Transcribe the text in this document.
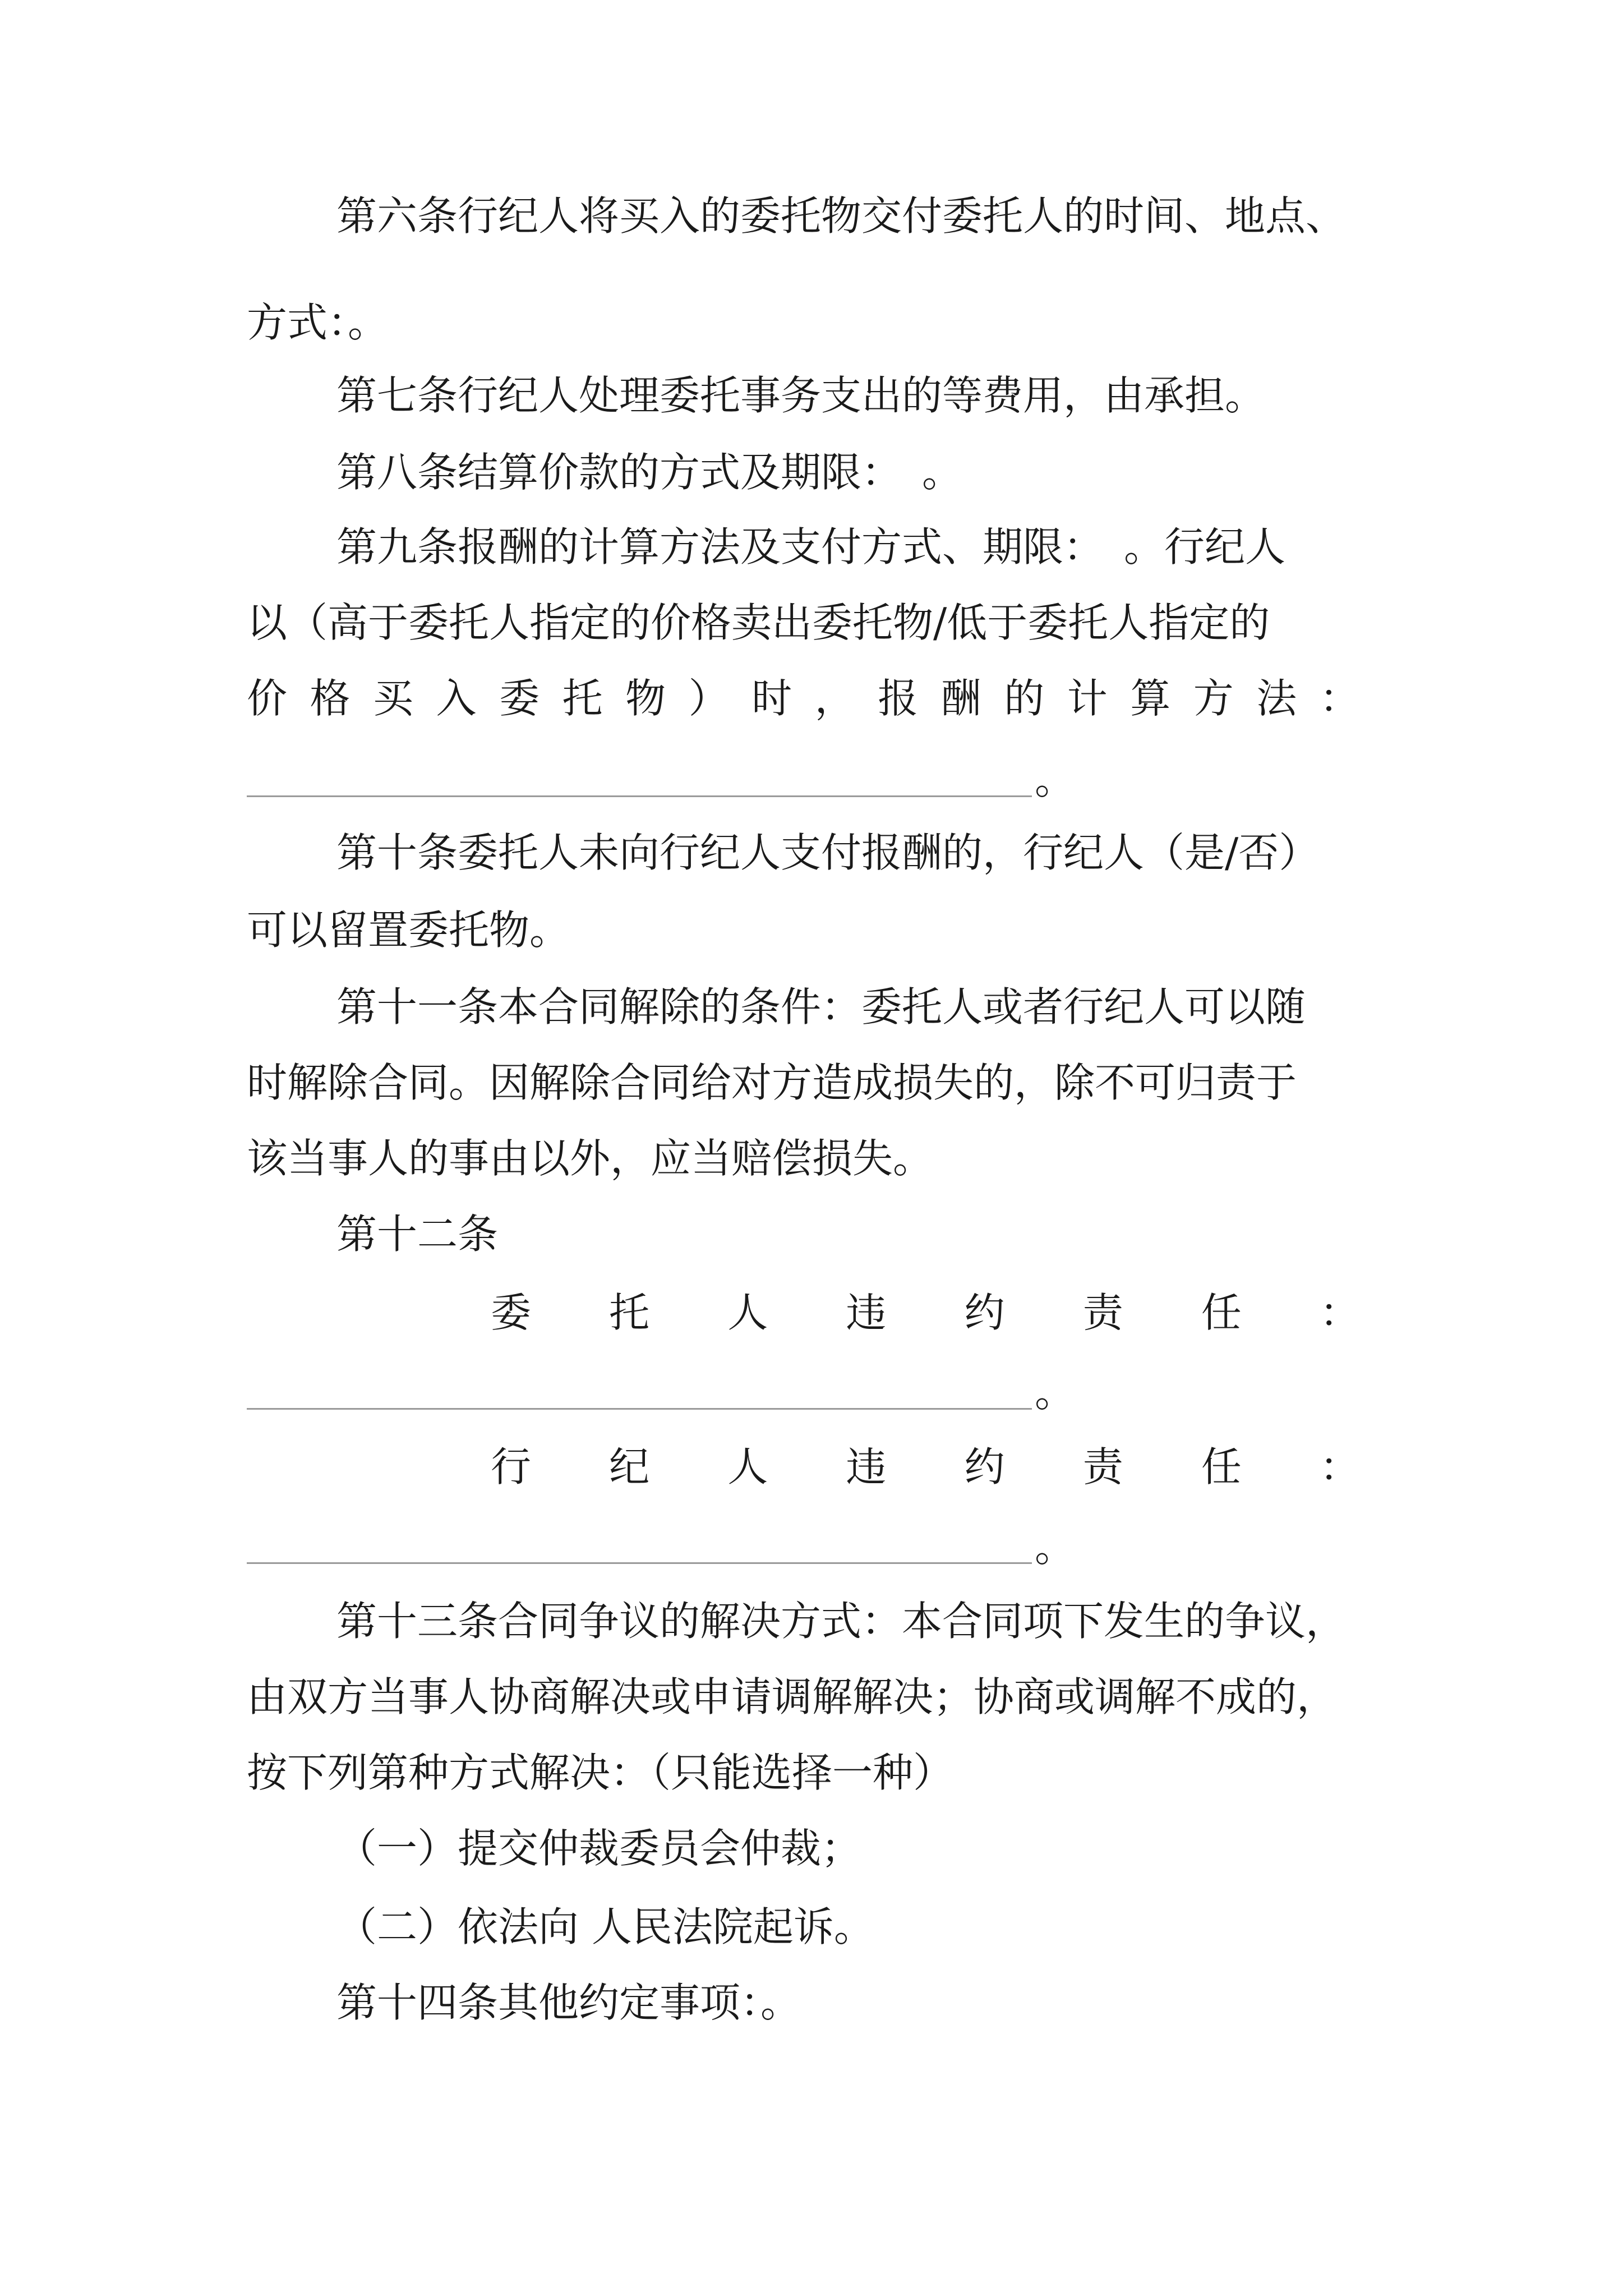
第六条行纪人将买入的委托物交付委托人的时间、地点、
方式：。
第七条行纪人处理委托事务支出的等费用，由承担。
第八条结算价款的方式及期限：　。
第九条报酬的计算方法及支付方式、期限：　。行纪人
以（高于委托人指定的价格卖出委托物/低于委托人指定的
价 格 买 入 委 托 物 ） 时 ， 报 酬 的 计 算 方 法 ：
。
第十条委托人未向行纪人支付报酬的，行纪人（是/否）
可以留置委托物。
第十一条本合同解除的条件：委托人或者行纪人可以随
时解除合同。因解除合同给对方造成损失的，除不可归责于
该当事人的事由以外，应当赔偿损失。
第十二条
委 托 人 违 约 责 任 ：
。
行 纪 人 违 约 责 任 ：
。
第十三条合同争议的解决方式：本合同项下发生的争议，
由双方当事人协商解决或申请调解解决；协商或调解不成的，
按下列第种方式解决：（只能选择一种）
（一）提交仲裁委员会仲裁；
（二）依法向 人民法院起诉。
第十四条其他约定事项：。
